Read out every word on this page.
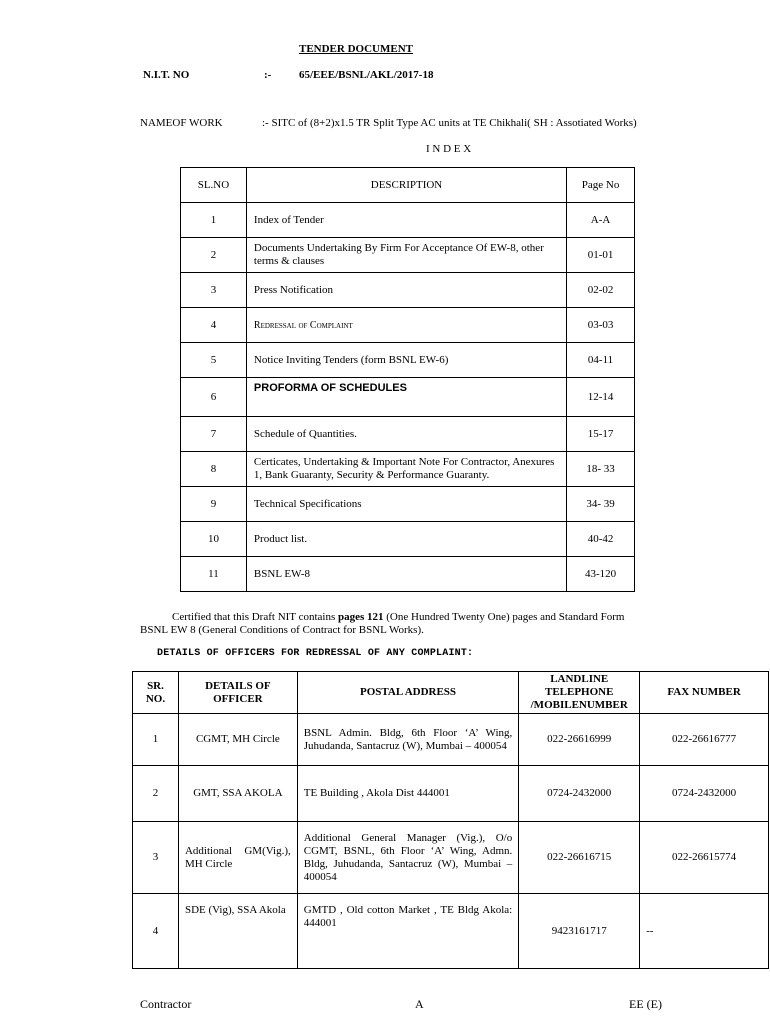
TENDER DOCUMENT
N.I.T. NO	:-	65/EEE/BSNL/AKL/2017-18
NAMEOF WORK	:- SITC of (8+2)x1.5 TR Split Type AC units at TE Chikhali( SH : Assotiated Works)
I N D E X
SL.NO	DESCRIPTION	Page No
1	Index of Tender	A-A
2	Documents Undertaking By Firm For Acceptance Of EW-8, other terms & clauses	01-01
3	Press Notification	02-02
4	Redressal of Complaint	03-03
5	Notice Inviting Tenders (form BSNL EW-6)	04-11
6	PROFORMA OF SCHEDULES	12-14
7	Schedule of Quantities.	15-17
8	Certicates, Undertaking & Important Note For Contractor, Anexures 1, Bank Guaranty, Security & Performance Guaranty.	18- 33
9	Technical Specifications	34- 39
10	Product list.	40-42
11	BSNL EW-8	43-120
Certified that this Draft NIT contains pages 121 (One Hundred Twenty One) pages and Standard Form
BSNL EW 8 (General Conditions of Contract for BSNL Works).
DETAILS OF OFFICERS FOR REDRESSAL OF ANY COMPLAINT:
SR. NO.	DETAILS OF OFFICER	POSTAL ADDRESS	LANDLINE TELEPHONE /MOBILENUMBER	FAX NUMBER
1	CGMT, MH Circle	BSNL Admin. Bldg, 6th Floor ‘A’ Wing, Juhudanda, Santacruz (W), Mumbai – 400054	022-26616999	022-26616777
2	GMT, SSA AKOLA	TE Building , Akola Dist 444001	0724-2432000	0724-2432000
3	Additional GM(Vig.), MH Circle	Additional General Manager (Vig.), O/o CGMT, BSNL, 6th Floor ‘A’ Wing, Admn. Bldg, Juhudanda, Santacruz (W), Mumbai – 400054	022-26616715	022-26615774
4	SDE (Vig), SSA Akola	GMTD , Old cotton Market , TE Bldg Akola: 444001	9423161717	--
Contractor	A	EE (E)
